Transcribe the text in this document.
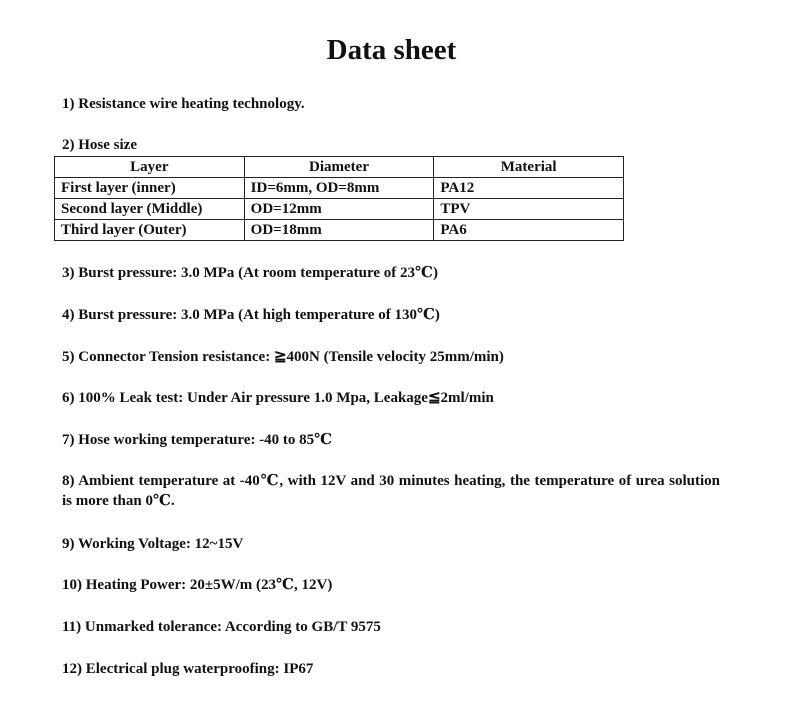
Data sheet
1) Resistance wire heating technology.
2) Hose size
Layer	Diameter	Material
First layer (inner)	ID=6mm, OD=8mm	PA12
Second layer (Middle)	OD=12mm	TPV
Third layer (Outer)	OD=18mm	PA6
3) Burst pressure: 3.0 MPa (At room temperature of 23℃)
4) Burst pressure: 3.0 MPa (At high temperature of 130℃)
5) Connector Tension resistance: ≧400N (Tensile velocity 25mm/min)
6) 100% Leak test: Under Air pressure 1.0 Mpa, Leakage≦2ml/min
7) Hose working temperature: -40 to 85℃
8) Ambient temperature at -40℃, with 12V and 30 minutes heating, the temperature of urea solution is more than 0℃.
9) Working Voltage: 12~15V
10) Heating Power: 20±5W/m (23℃, 12V)
11) Unmarked tolerance: According to GB/T 9575
12) Electrical plug waterproofing: IP67
